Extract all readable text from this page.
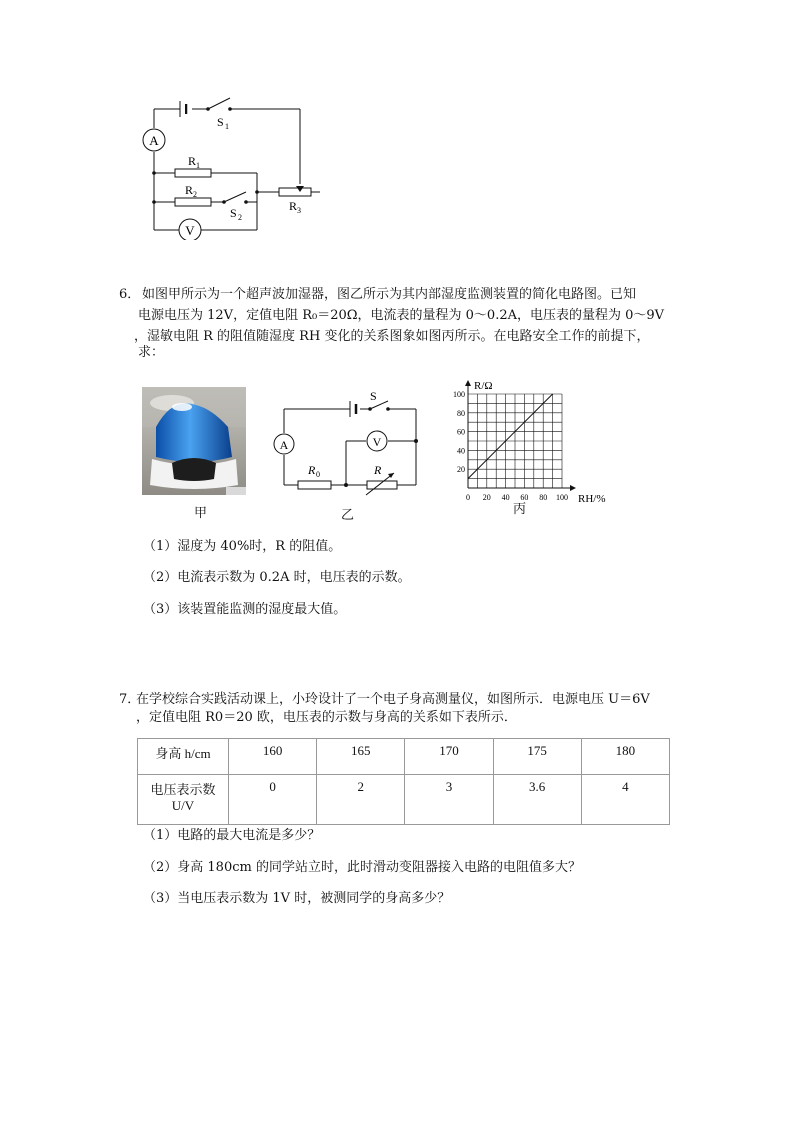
A
R 1
R 2
V
S 1
S 2
R 3
6． 如图甲所示为一个超声波加湿器，图乙所示为其内部湿度监测装置的简化电路图。已知
电源电压为 12V，定值电阻 R₀＝20Ω，电流表的量程为 0～0.2A，电压表的量程为 0～9V
，湿敏电阻 R 的阻值随湿度 RH 变化的关系图象如图丙所示。在电路安全工作的前提下，
求：
甲
S
A	V
R 0	R
乙
0 20 40 60 80 100
20
40
60
80
100
RH/%
R/Ω
丙
（1）湿度为 40%时，R 的阻值。
（2）电流表示数为 0.2A 时，电压表的示数。
（3）该装置能监测的湿度最大值。
7．
在学校综合实践活动课上，小玲设计了一个电子身高测量仪，如图所示．电源电压 U＝6V
，定值电阻 R0＝20 欧，电压表的示数与身高的关系如下表所示．
身高 h/cm	160	165	170	175	180

电压表示数
U/V	0	2	3	3.6	4
（1）电路的最大电流是多少？
（2）身高 180cm 的同学站立时，此时滑动变阻器接入电路的电阻值多大？
（3）当电压表示数为 1V 时，被测同学的身高多少？
